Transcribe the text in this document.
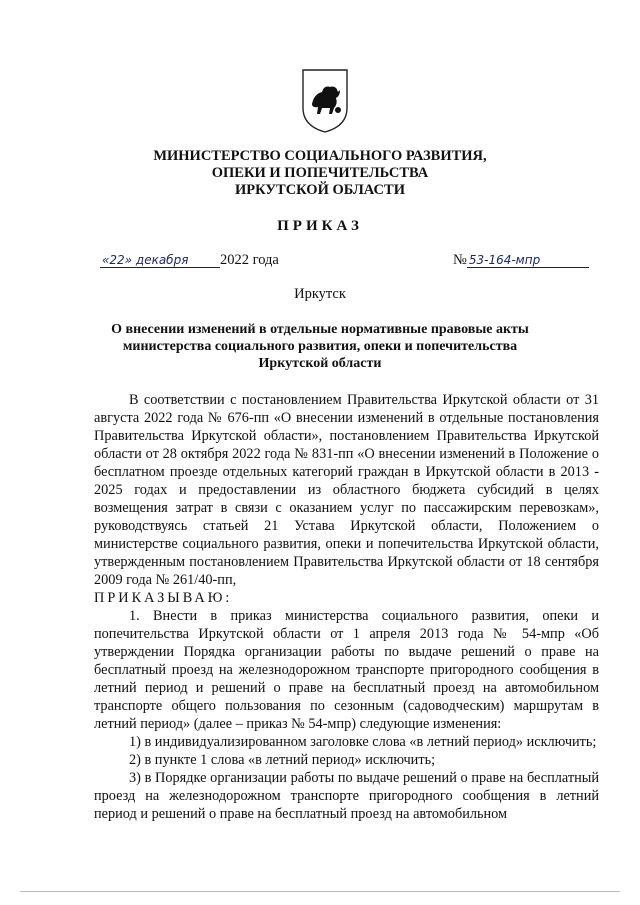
МИНИСТЕРСТВО СОЦИАЛЬНОГО РАЗВИТИЯ,
ОПЕКИ И ПОПЕЧИТЕЛЬСТВА
ИРКУТСКОЙ ОБЛАСТИ
ПРИКАЗ
«22» декабря 2022 года	№ 53-164-мпр
Иркутск
О внесении изменений в отдельные нормативные правовые акты
министерства социального развития, опеки и попечительства
Иркутской области

В соответствии с постановлением Правительства Иркутской области от 31 августа 2022 года № 676-пп «О внесении изменений в отдельные постановления Правительства Иркутской области», постановлением Правительства Иркутской области от 28 октября 2022 года № 831-пп «О внесении изменений в Положение о бесплатном проезде отдельных категорий граждан в Иркутской области в 2013 - 2025 годах и предоставлении из областного бюджета субсидий в целях возмещения затрат в связи с оказанием услуг по пассажирским перевозкам», руководствуясь статьей 21 Устава Иркутской области, Положением о министерстве социального развития, опеки и попечительства Иркутской области, утвержденным постановлением Правительства Иркутской области от 18 сентября 2009 года № 261/40-пп,

ПРИКАЗЫВАЮ:

1. Внести в приказ министерства социального развития, опеки и попечительства Иркутской области от 1 апреля 2013 года № 54-мпр «Об утверждении Порядка организации работы по выдаче решений о праве на бесплатный проезд на железнодорожном транспорте пригородного сообщения в летний период и решений о праве на бесплатный проезд на автомобильном транспорте общего пользования по сезонным (садоводческим) маршрутам в летний период» (далее – приказ № 54-мпр) следующие изменения:

1) в индивидуализированном заголовке слова «в летний период» исключить;

2) в пункте 1 слова «в летний период» исключить;

3) в Порядке организации работы по выдаче решений о праве на бесплатный проезд на железнодорожном транспорте пригородного сообщения в летний период и решений о праве на бесплатный проезд на автомобильном
